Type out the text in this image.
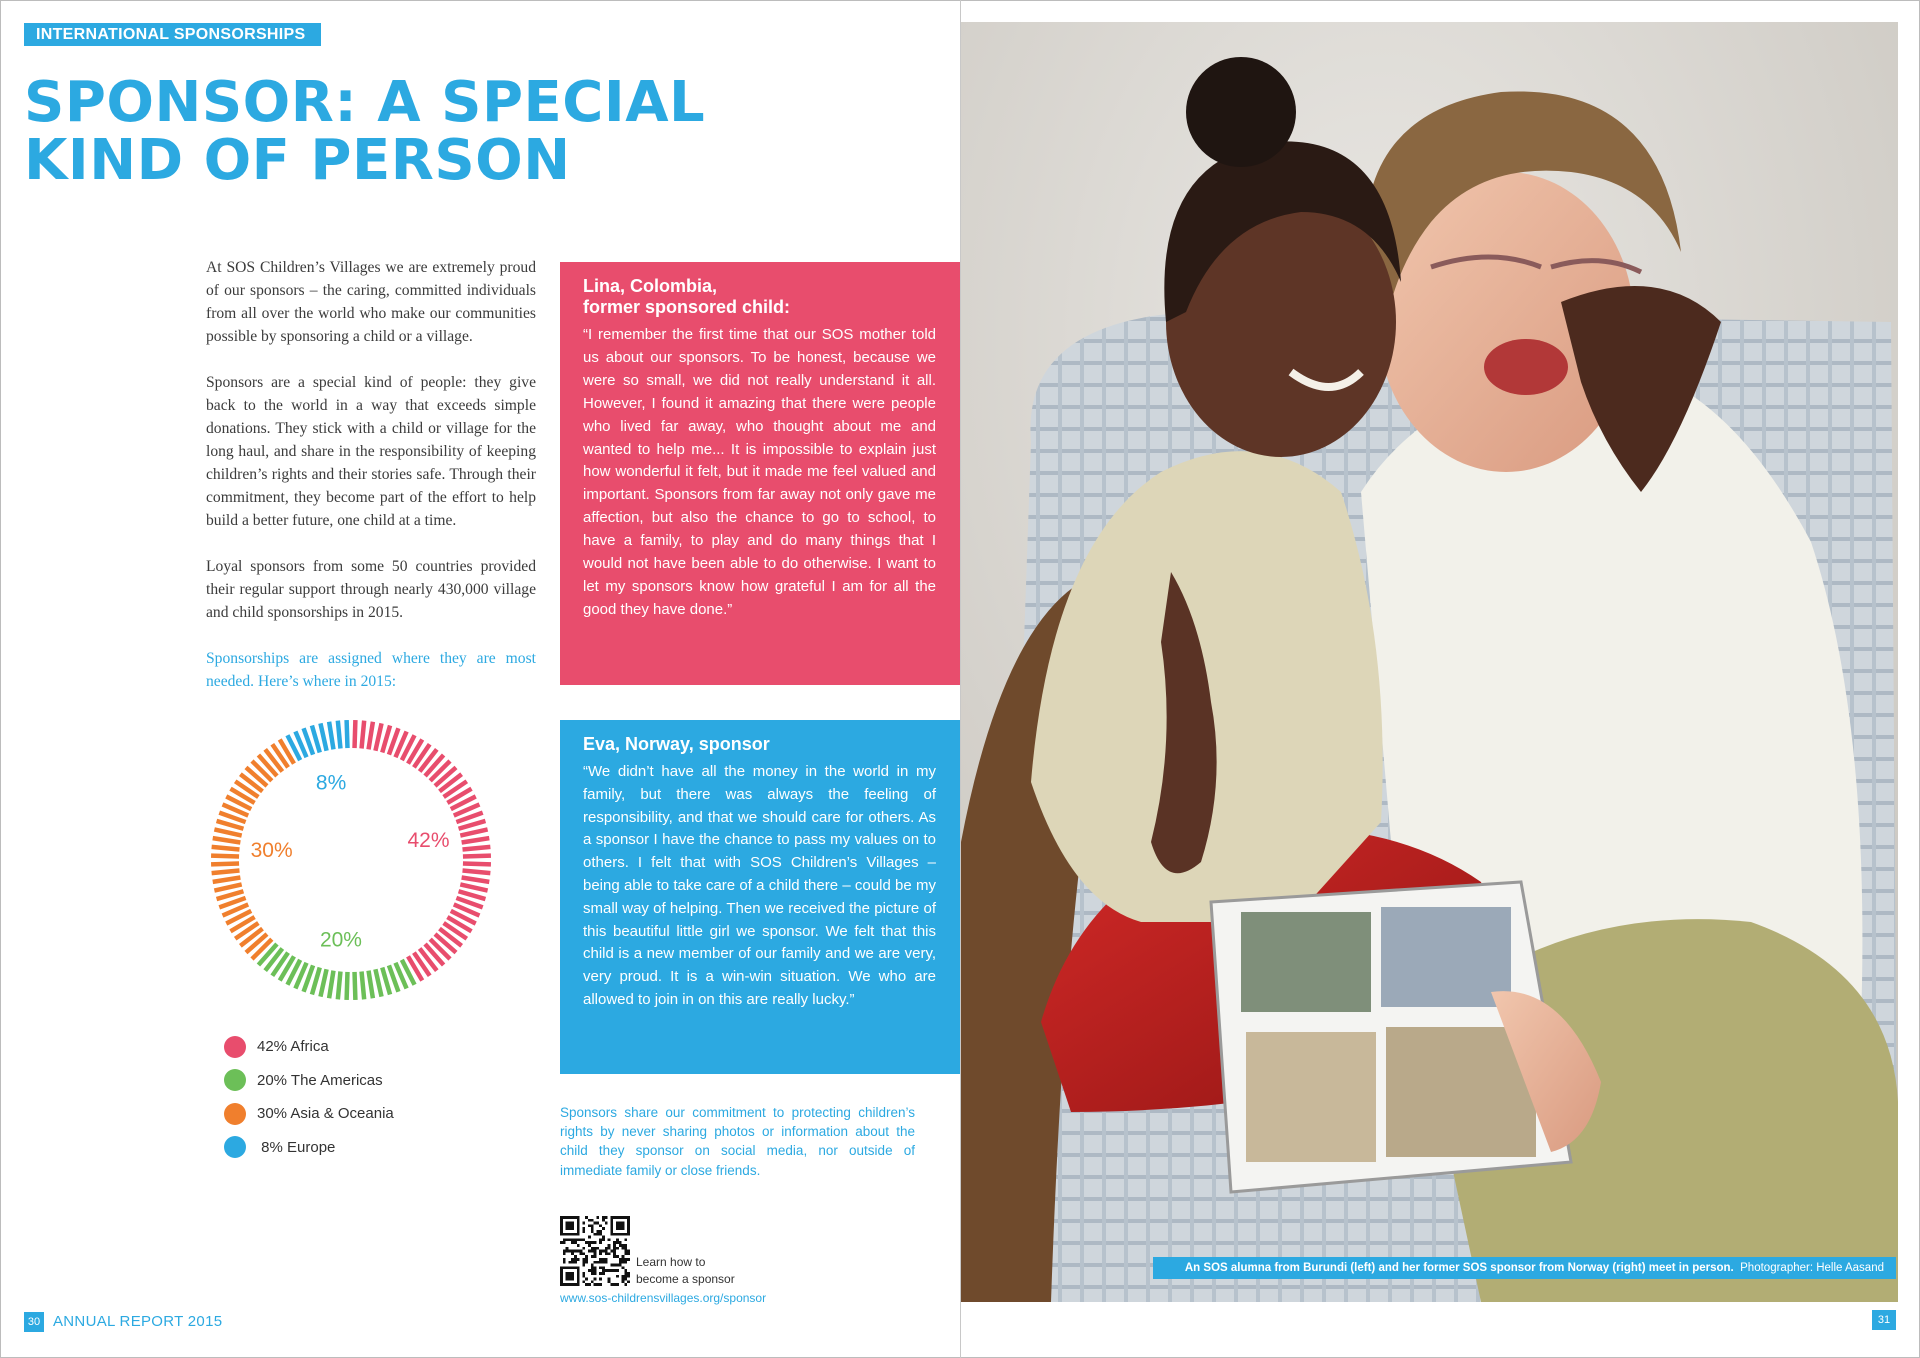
INTERNATIONAL SPONSORSHIPS
SPONSOR: A SPECIAL
KIND OF PERSON

At SOS Children’s Villages we are extremely proud of our sponsors – the caring, committed individuals from all over the world who make our communities possible by sponsoring a child or a village.

Sponsors are a special kind of people: they give back to the world in a way that exceeds simple donations. They stick with a child or village for the long haul, and share in the responsibility of keeping children’s rights and their stories safe. Through their commitment, they become part of the effort to help build a better future, one child at a time.

Loyal sponsors from some 50 countries provided their regular support through nearly 430,000 village and child sponsorships in 2015.

Sponsorships are assigned where they are most needed. Here’s where in 2015:

42%
20%
30%
8%
42% Africa
20% The Americas
30% Asia & Oceania
8% Europe
Lina, Colombia,
former sponsored child:

“I remember the first time that our SOS mother told us about our sponsors. To be honest, because we were so small, we did not really understand it all. However, I found it amazing that there were people who lived far away, who thought about me and wanted to help me... It is impossible to explain just how wonderful it felt, but it made me feel valued and important. Sponsors from far away not only gave me affection, but also the chance to go to school, to have a family, to play and do many things that I would not have been able to do otherwise. I want to let my sponsors know how grateful I am for all the good they have done.”

Eva, Norway, sponsor

“We didn’t have all the money in the world in my family, but there was always the feeling of responsibility, and that we should care for others. As a sponsor I have the chance to pass my values on to others. I felt that with SOS Children’s Villages – being able to take care of a child there – could be my small way of helping. Then we received the picture of this beautiful little girl we sponsor. We felt that this child is a new member of our family and we are very, very proud. It is a win-win situation. We who are allowed to join in on this are really lucky.”

Sponsors share our commitment to protecting children’s rights by never sharing photos or information about the child they sponsor on social media, nor outside of immediate family or close friends.
Learn how to
become a sponsor
www.sos-childrensvillages.org/sponsor
30 ANNUAL REPORT 2015
An SOS alumna from Burundi (left) and her former SOS sponsor from Norway (right) meet in person. Photographer: Helle Aasand
31
